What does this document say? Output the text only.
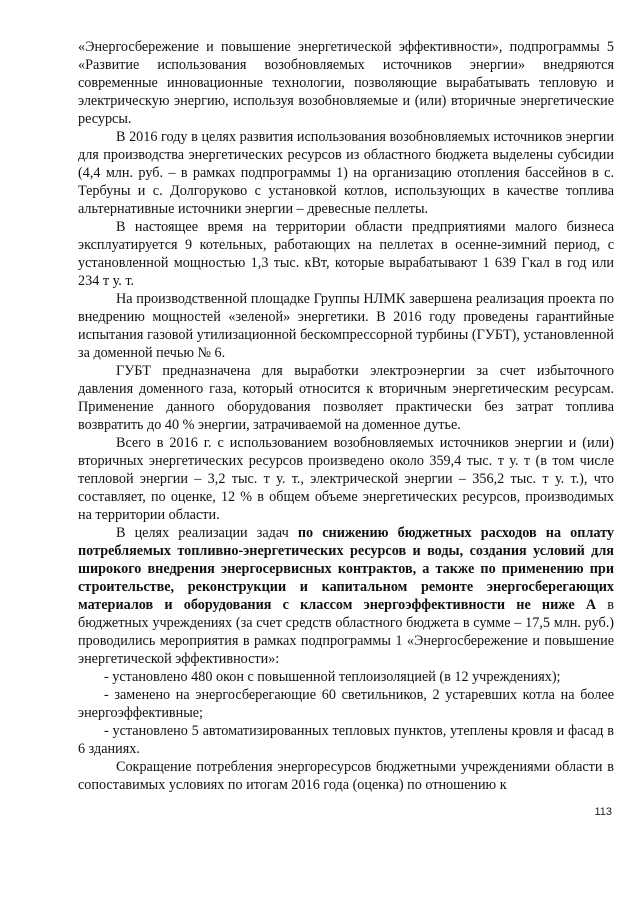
«Энергосбережение и повышение энергетической эффективности», подпрограммы 5 «Развитие использования возобновляемых источников энергии» внедряются современные инновационные технологии, позволяющие вырабатывать тепловую и электрическую энергию, используя возобновляемые и (или) вторичные энергетические ресурсы.

В 2016 году в целях развития использования возобновляемых источников энергии для производства энергетических ресурсов из областного бюджета выделены субсидии (4,4 млн. руб. – в рамках подпрограммы 1) на организацию отопления бассейнов в с. Тербуны и с. Долгоруково с установкой котлов, использующих в качестве топлива альтернативные источники энергии – древесные пеллеты.

В настоящее время на территории области предприятиями малого бизнеса эксплуатируется 9 котельных, работающих на пеллетах в осенне-зимний период, с установленной мощностью 1,3 тыс. кВт, которые вырабатывают 1 639 Гкал в год или 234 т у. т.

На производственной площадке Группы НЛМК завершена реализация проекта по внедрению мощностей «зеленой» энергетики. В 2016 году проведены гарантийные испытания газовой утилизационной бескомпрессорной турбины (ГУБТ), установленной за доменной печью № 6.

ГУБТ предназначена для выработки электроэнергии за счет избыточного давления доменного газа, который относится к вторичным энергетическим ресурсам. Применение данного оборудования позволяет практически без затрат топлива возвратить до 40 % энергии, затрачиваемой на доменное дутье.

Всего в 2016 г. с использованием возобновляемых источников энергии и (или) вторичных энергетических ресурсов произведено около 359,4 тыс. т у. т (в том числе тепловой энергии – 3,2 тыс. т у. т., электрической энергии – 356,2 тыс. т у. т.), что составляет, по оценке, 12 % в общем объеме энергетических ресурсов, производимых на территории области.

В целях реализации задач по снижению бюджетных расходов на оплату потребляемых топливно-энергетических ресурсов и воды, создания условий для широкого внедрения энергосервисных контрактов, а также по применению при строительстве, реконструкции и капитальном ремонте энергосберегающих материалов и оборудования с классом энергоэффективности не ниже А в бюджетных учреждениях (за счет средств областного бюджета в сумме – 17,5 млн. руб.) проводились мероприятия в рамках подпрограммы 1 «Энергосбережение и повышение энергетической эффективности»:

- установлено 480 окон с повышенной теплоизоляцией (в 12 учреждениях);

- заменено на энергосберегающие 60 светильников, 2 устаревших котла на более энергоэффективные;

- установлено 5 автоматизированных тепловых пунктов, утеплены кровля и фасад в 6 зданиях.

Сокращение потребления энергоресурсов бюджетными учреждениями области в сопоставимых условиях по итогам 2016 года (оценка) по отношению к

113
